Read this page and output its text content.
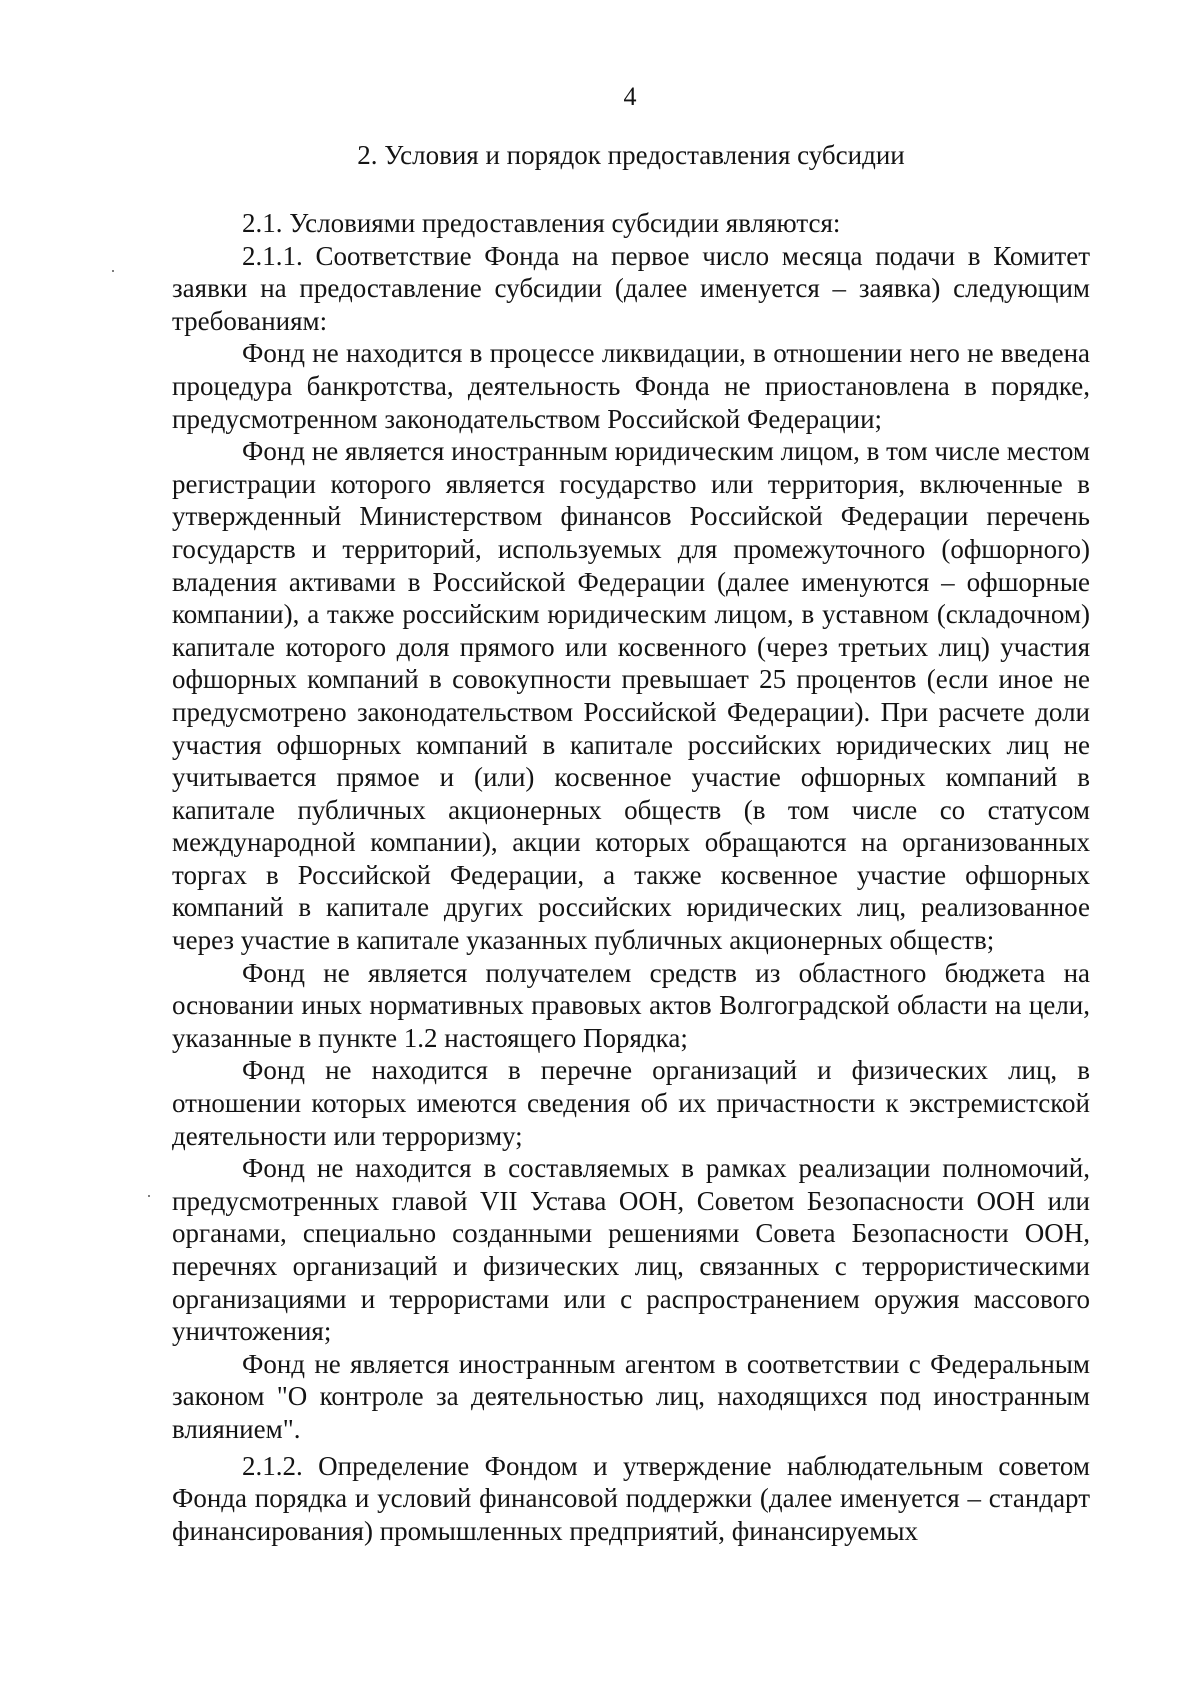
4
2. Условия и порядок предоставления субсидии

2.1. Условиями предоставления субсидии являются:

2.1.1. Соответствие Фонда на первое число месяца подачи в Комитет заявки на предоставление субсидии (далее именуется – заявка) следующим требованиям:

Фонд не находится в процессе ликвидации, в отношении него не введена процедура банкротства, деятельность Фонда не приостановлена в порядке, предусмотренном законодательством Российской Федерации;

Фонд не является иностранным юридическим лицом, в том числе местом регистрации которого является государство или территория, включенные в утвержденный Министерством финансов Российской Федерации перечень государств и территорий, используемых для промежуточного (офшорного) владения активами в Российской Федерации (далее именуются – офшорные компании), а также российским юридическим лицом, в уставном (складочном) капитале которого доля прямого или косвенного (через третьих лиц) участия офшорных компаний в совокупности превышает 25 процентов (если иное не предусмотрено законодательством Российской Федерации). При расчете доли участия офшорных компаний в капитале российских юридических лиц не учитывается прямое и (или) косвенное участие офшорных компаний в капитале публичных акционерных обществ (в том числе со статусом международной компании), акции которых обращаются на организованных торгах в Российской Федерации, а также косвенное участие офшорных компаний в капитале других российских юридических лиц, реализованное через участие в капитале указанных публичных акционерных обществ;

Фонд не является получателем средств из областного бюджета на основании иных нормативных правовых актов Волгоградской области на цели, указанные в пункте 1.2 настоящего Порядка;

Фонд не находится в перечне организаций и физических лиц, в отношении которых имеются сведения об их причастности к экстремистской деятельности или терроризму;

Фонд не находится в составляемых в рамках реализации полномочий, предусмотренных главой VII Устава ООН, Советом Безопасности ООН или органами, специально созданными решениями Совета Безопасности ООН, перечнях организаций и физических лиц, связанных с террористическими организациями и террористами или с распространением оружия массового уничтожения;

Фонд не является иностранным агентом в соответствии с Федеральным законом "О контроле за деятельностью лиц, находящихся под иностранным влиянием".

2.1.2. Определение Фондом и утверждение наблюдательным советом Фонда порядка и условий финансовой поддержки (далее именуется – стандарт финансирования) промышленных предприятий, финансируемых
